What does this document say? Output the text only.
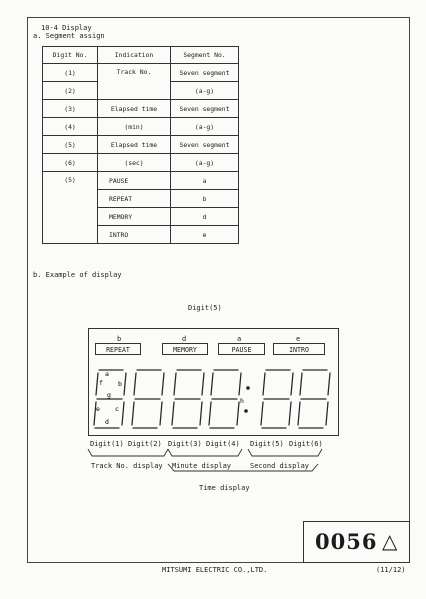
10-4 Display
a. Segment assign
Digit No.	Indication	Segment No.
(1)	Track No.	Seven segment
(2)		(a-g)
(3)	Elapsed time	Seven segment
(4)	(min)	(a-g)
(5)	Elapsed time	Seven segment
(6)	(sec)	(a-g)
(5)	PAUSE	a
	REPEAT	b
	MEMORY	d
	INTRO	e
b. Example of display
Digit(5)
b	d	a	e
REPEAT	MEMORY	PAUSE	INTRO
a
b
f
g
e c
d
h
Digit(1) Digit(2) Digit(3) Digit(4) Digit(5) Digit(6)
Track No. display Minute display	Second display
Time display
0056 △
MITSUMI ELECTRIC CO.,LTD.	(11/12)
